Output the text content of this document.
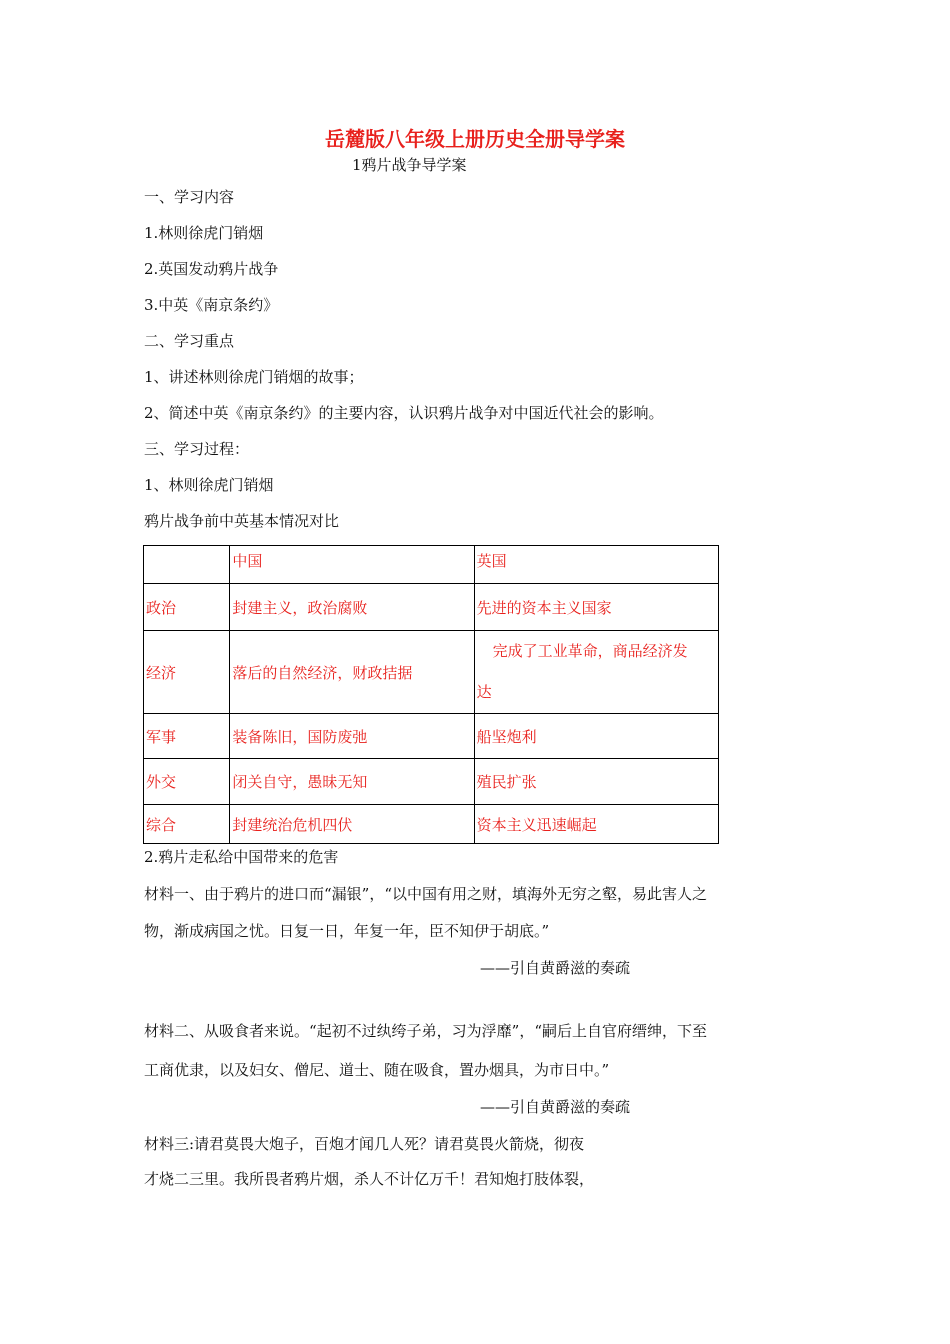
岳麓版八年级上册历史全册导学案
1鸦片战争导学案
一、学习内容
1.林则徐虎门销烟
2.英国发动鸦片战争
3.中英《南京条约》
二、学习重点
1、讲述林则徐虎门销烟的故事；
2、简述中英《南京条约》的主要内容，认识鸦片战争对中国近代社会的影响。
三、学习过程：
1、林则徐虎门销烟
鸦片战争前中英基本情况对比
	中国	英国
政治	封建主义，政治腐败	先进的资本主义国家
经济	落后的自然经济，财政拮据	完成了工业革命，商品经济发
达

军事	装备陈旧，国防废弛	船坚炮利
外交	闭关自守，愚昧无知	殖民扩张
综合	封建统治危机四伏	资本主义迅速崛起
2.鸦片走私给中国带来的危害
材料一、由于鸦片的进口而“漏银”，“以中国有用之财，填海外无穷之壑，易此害人之
物，渐成病国之忧。日复一日，年复一年，臣不知伊于胡底。”
——引自黄爵滋的奏疏
材料二、从吸食者来说。“起初不过纨绔子弟，习为浮靡”，“嗣后上自官府缙绅，下至
工商优隶，以及妇女、僧尼、道士、随在吸食，置办烟具，为市日中。”
——引自黄爵滋的奏疏
材料三:请君莫畏大炮子，百炮才闻几人死？请君莫畏火箭烧，彻夜
才烧二三里。我所畏者鸦片烟，杀人不计亿万千！君知炮打肢体裂，
